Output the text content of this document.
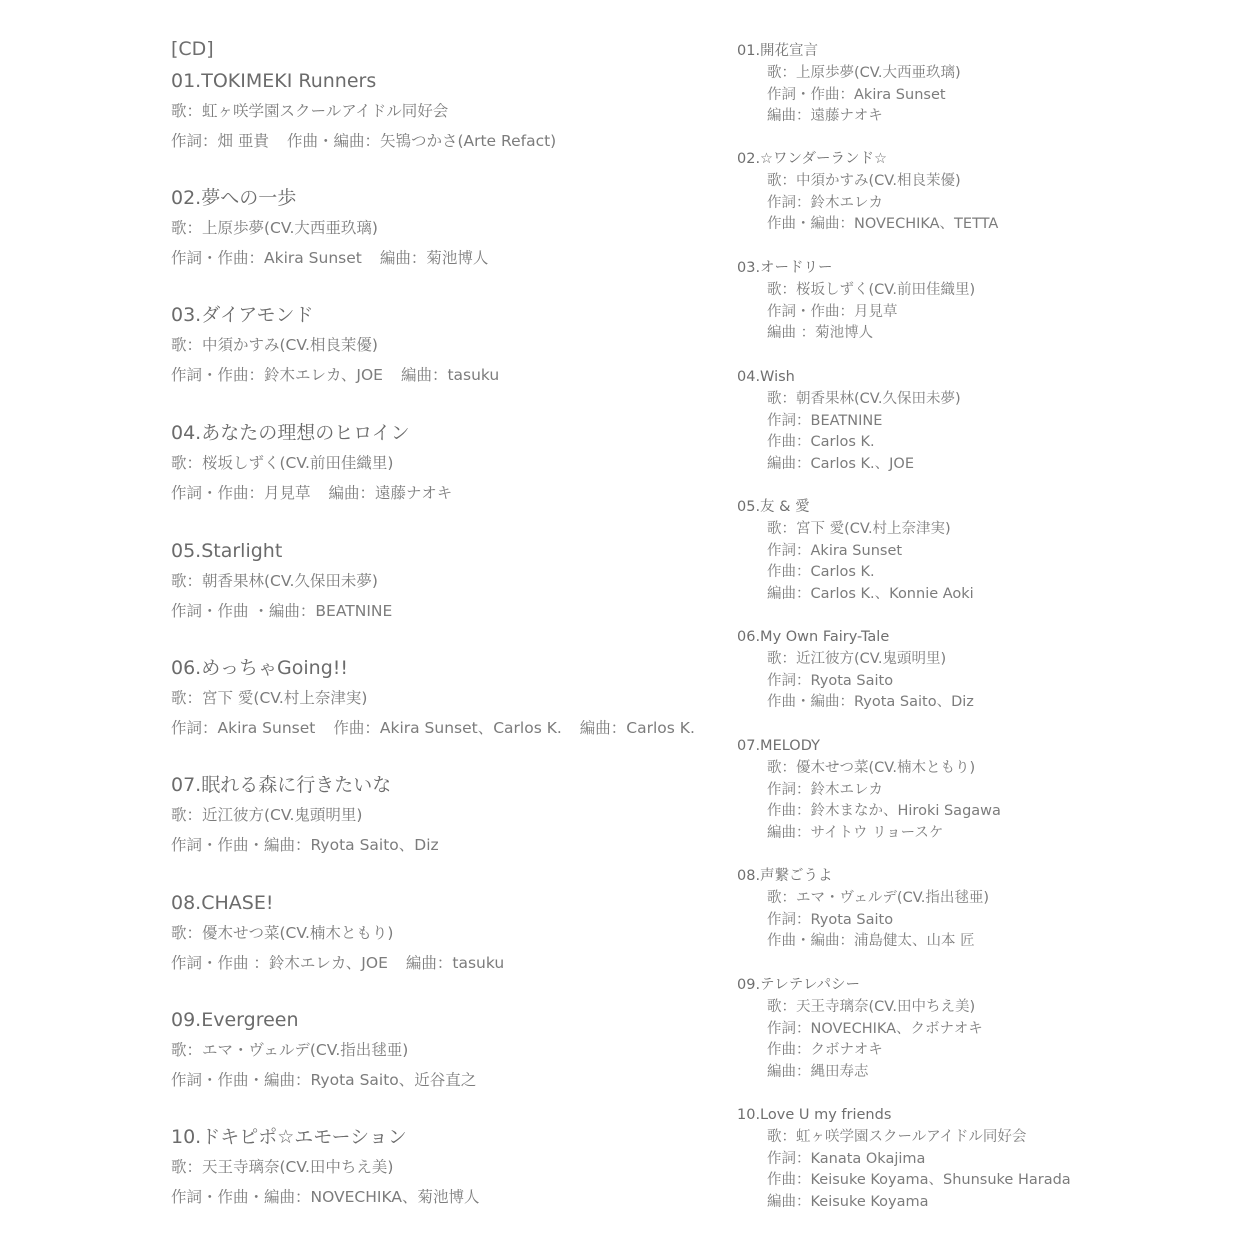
[CD]
01.TOKIMEKI Runners
歌：虹ヶ咲学園スクールアイドル同好会
作詞：畑 亜貴 作曲・編曲：矢鴇つかさ(Arte Refact)
02.夢への一歩
歌：上原歩夢(CV.大西亜玖璃)
作詞・作曲：Akira Sunset 編曲：菊池博人
03.ダイアモンド
歌：中須かすみ(CV.相良茉優)
作詞・作曲：鈴木エレカ、JOE 編曲：tasuku
04.あなたの理想のヒロイン
歌：桜坂しずく(CV.前田佳織里)
作詞・作曲：月見草 編曲：遠藤ナオキ
05.Starlight
歌：朝香果林(CV.久保田未夢)
作詞・作曲 ・編曲：BEATNINE
06.めっちゃGoing!!
歌：宮下 愛(CV.村上奈津実)
作詞：Akira Sunset 作曲：Akira Sunset、Carlos K. 編曲：Carlos K.
07.眠れる森に行きたいな
歌：近江彼方(CV.鬼頭明里)
作詞・作曲・編曲：Ryota Saito、Diz
08.CHASE!
歌：優木せつ菜(CV.楠木ともり)
作詞・作曲 ：鈴木エレカ、JOE 編曲：tasuku
09.Evergreen
歌：エマ・ヴェルデ(CV.指出毬亜)
作詞・作曲・編曲：Ryota Saito、近谷直之
10.ドキピポ☆エモーション
歌：天王寺璃奈(CV.田中ちえ美)
作詞・作曲・編曲：NOVECHIKA、菊池博人
01.開花宣言
歌：上原歩夢(CV.大西亜玖璃)
作詞・作曲：Akira Sunset
編曲：遠藤ナオキ
02.☆ワンダーランド☆
歌：中須かすみ(CV.相良茉優)
作詞：鈴木エレカ
作曲・編曲：NOVECHIKA、TETTA
03.オードリー
歌：桜坂しずく(CV.前田佳織里)
作詞・作曲：月見草
編曲 ：菊池博人
04.Wish
歌：朝香果林(CV.久保田未夢)
作詞：BEATNINE
作曲：Carlos K.
編曲：Carlos K.、JOE
05.友 & 愛
歌：宮下 愛(CV.村上奈津実)
作詞：Akira Sunset
作曲：Carlos K.
編曲：Carlos K.、Konnie Aoki
06.My Own Fairy-Tale
歌：近江彼方(CV.鬼頭明里)
作詞：Ryota Saito
作曲・編曲：Ryota Saito、Diz
07.MELODY
歌：優木せつ菜(CV.楠木ともり)
作詞：鈴木エレカ
作曲：鈴木まなか、Hiroki Sagawa
編曲：サイトウ リョースケ
08.声繋ごうよ
歌：エマ・ヴェルデ(CV.指出毬亜)
作詞：Ryota Saito
作曲・編曲：浦島健太、山本 匠
09.テレテレパシー
歌：天王寺璃奈(CV.田中ちえ美)
作詞：NOVECHIKA、クボナオキ
作曲：クボナオキ
編曲：縄田寿志
10.Love U my friends
歌：虹ヶ咲学園スクールアイドル同好会
作詞：Kanata Okajima
作曲：Keisuke Koyama、Shunsuke Harada
編曲：Keisuke Koyama
